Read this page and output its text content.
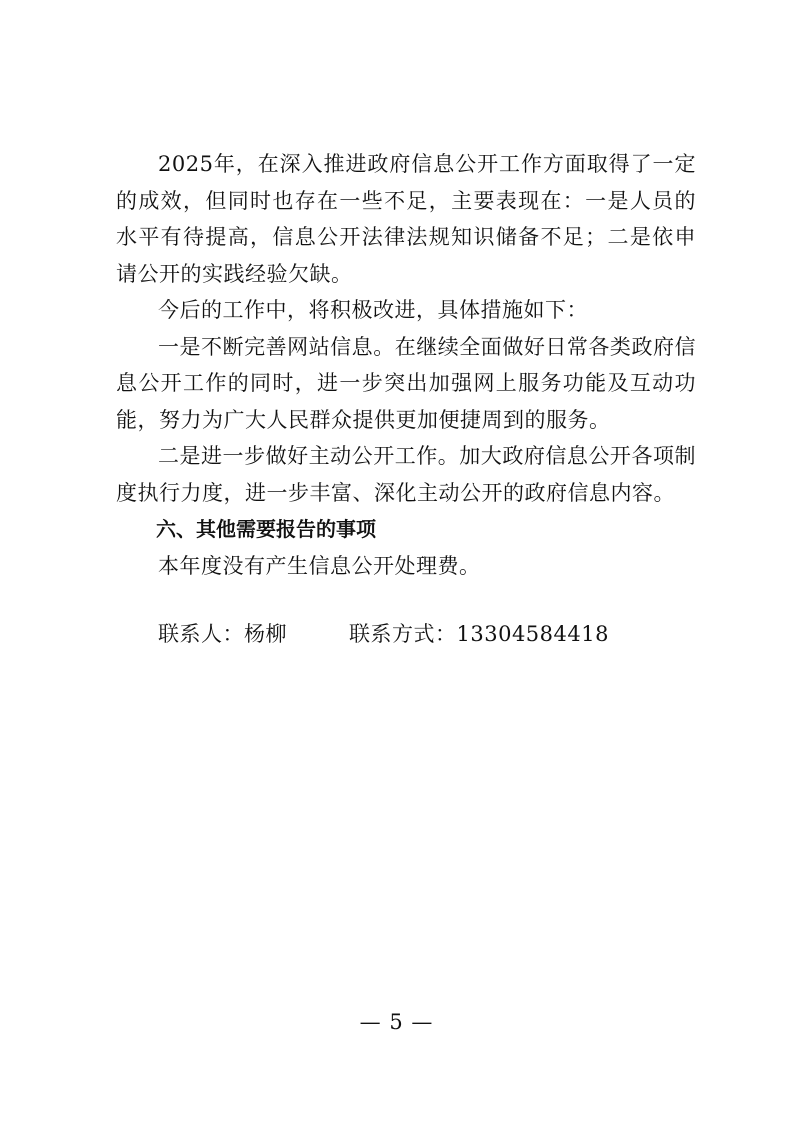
2025年，在深入推进政府信息公开工作方面取得了一定的成效，但同时也存在一些不足，主要表现在：一是人员的水平有待提高，信息公开法律法规知识储备不足；二是依申请公开的实践经验欠缺。

今后的工作中，将积极改进，具体措施如下：

一是不断完善网站信息。在继续全面做好日常各类政府信息公开工作的同时，进一步突出加强网上服务功能及互动功能，努力为广大人民群众提供更加便捷周到的服务。

二是进一步做好主动公开工作。加大政府信息公开各项制度执行力度，进一步丰富、深化主动公开的政府信息内容。

六、其他需要报告的事项

本年度没有产生信息公开处理费。

联系人：杨柳	联系方式：13304584418

— 5 —
